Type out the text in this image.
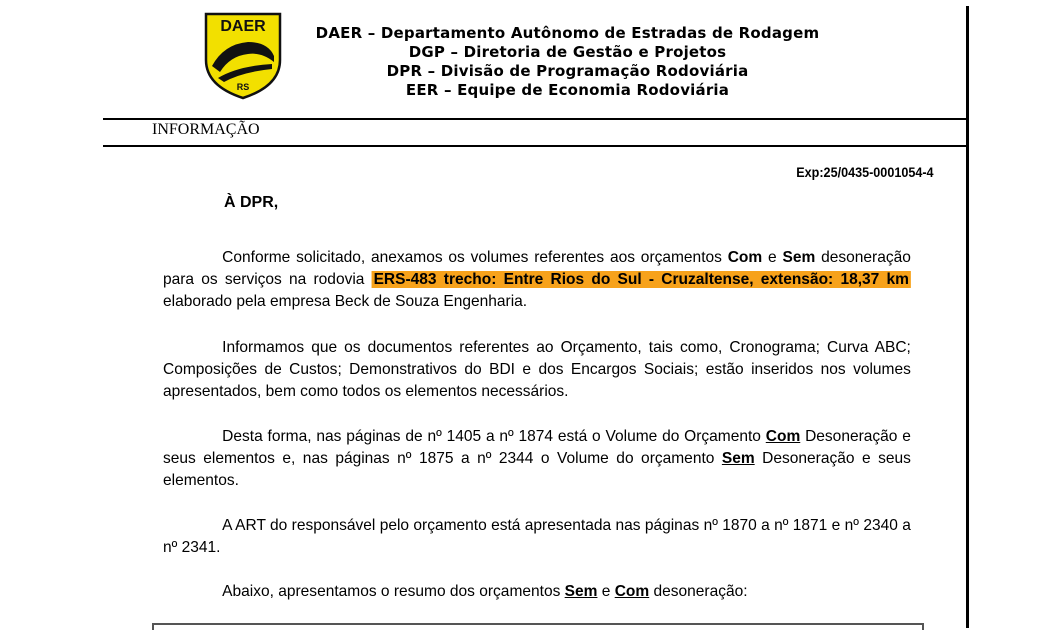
DAER
RS
DAER – Departamento Autônomo de Estradas de Rodagem
DGP – Diretoria de Gestão e Projetos
DPR – Divisão de Programação Rodoviária
EER – Equipe de Economia Rodoviária
INFORMAÇÃO
Exp:25/0435-0001054-4
À DPR,
Conforme solicitado, anexamos os volumes referentes aos orçamentos Com e Sem desoneração para os serviços na rodovia ERS-483 trecho: Entre Rios do Sul - Cruzaltense, extensão: 18,37 km elaborado pela empresa Beck de Souza Engenharia.
Informamos que os documentos referentes ao Orçamento, tais como, Cronograma; Curva ABC; Composições de Custos; Demonstrativos do BDI e dos Encargos Sociais; estão inseridos nos volumes apresentados, bem como todos os elementos necessários.
Desta forma, nas páginas de nº 1405 a nº 1874 está o Volume do Orçamento Com Desoneração e seus elementos e, nas páginas nº 1875 a nº 2344 o Volume do orçamento Sem Desoneração e seus elementos.
A ART do responsável pelo orçamento está apresentada nas páginas nº 1870 a nº 1871 e nº 2340 a nº 2341.
Abaixo, apresentamos o resumo dos orçamentos Sem e Com desoneração:
